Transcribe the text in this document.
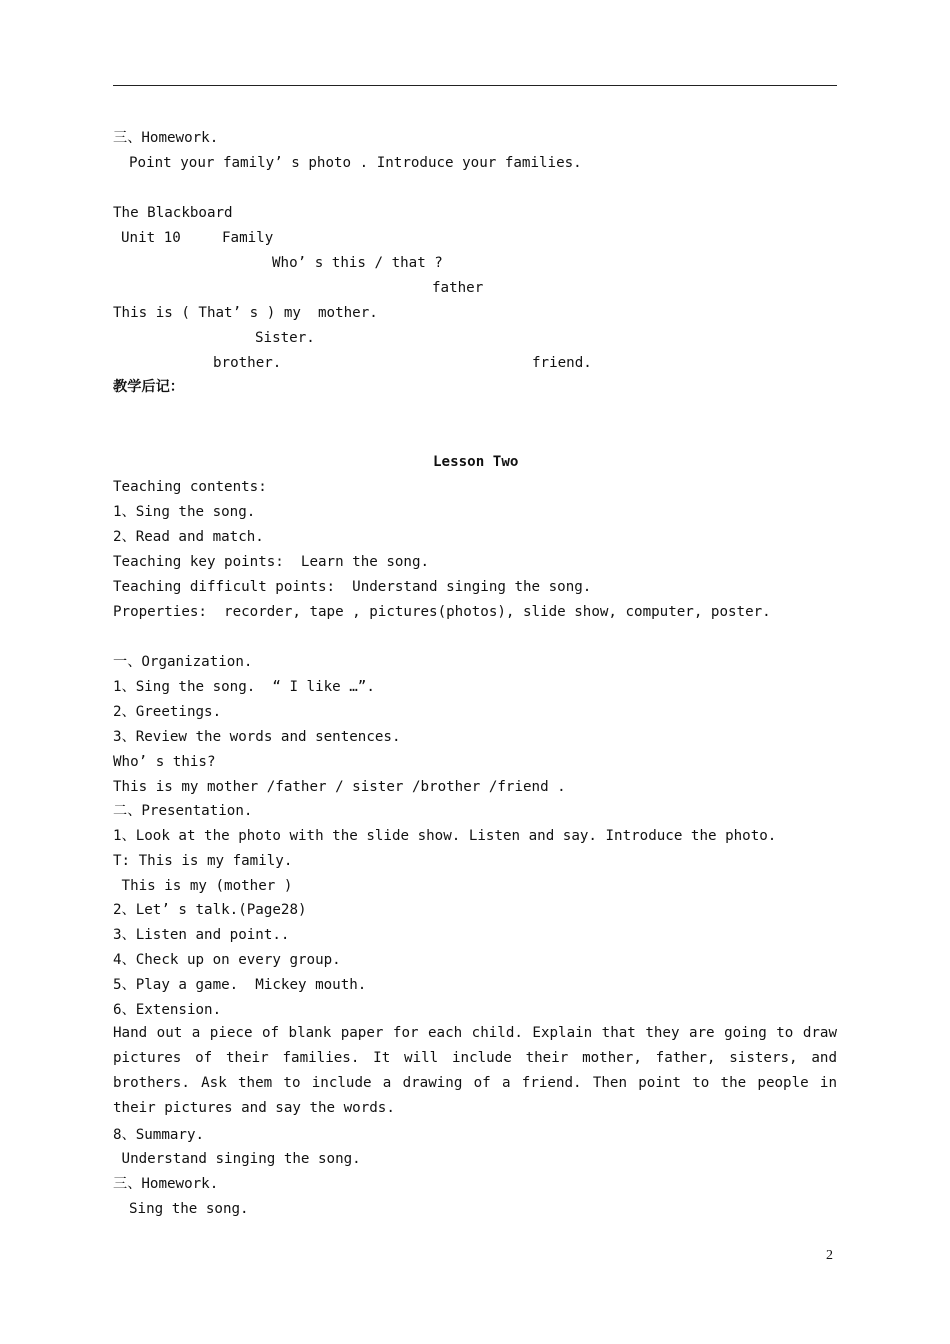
三、Homework.
Point your family’ s photo . Introduce your families.
The Blackboard
Unit 10	Family
Who’ s this / that ?
father
This is ( That’ s ) my  mother.
Sister.
brother.	friend.
教学后记：
Lesson Two
Teaching contents:
1、Sing the song.
2、Read and match.
Teaching key points:  Learn the song.
Teaching difficult points:  Understand singing the song.
Properties:  recorder, tape , pictures(photos), slide show, computer, poster.
一、Organization.
1、Sing the song.  “ I like …”.
2、Greetings.
3、Review the words and sentences.
Who’ s this?
This is my mother /father / sister /brother /friend .
二、Presentation.
1、Look at the photo with the slide show. Listen and say. Introduce the photo.
T: This is my family.
This is my (mother )
2、Let’ s talk.(Page28)
3、Listen and point..
4、Check up on every group.
5、Play a game.  Mickey mouth.
6、Extension.
Hand out a piece of blank paper for each child. Explain that they are going to draw pictures of their families. It will include their mother, father, sisters, and brothers. Ask them to include a drawing of a friend. Then point to the people in their pictures and say the words.
8、Summary.
Understand singing the song.
三、Homework.
Sing the song.
2
